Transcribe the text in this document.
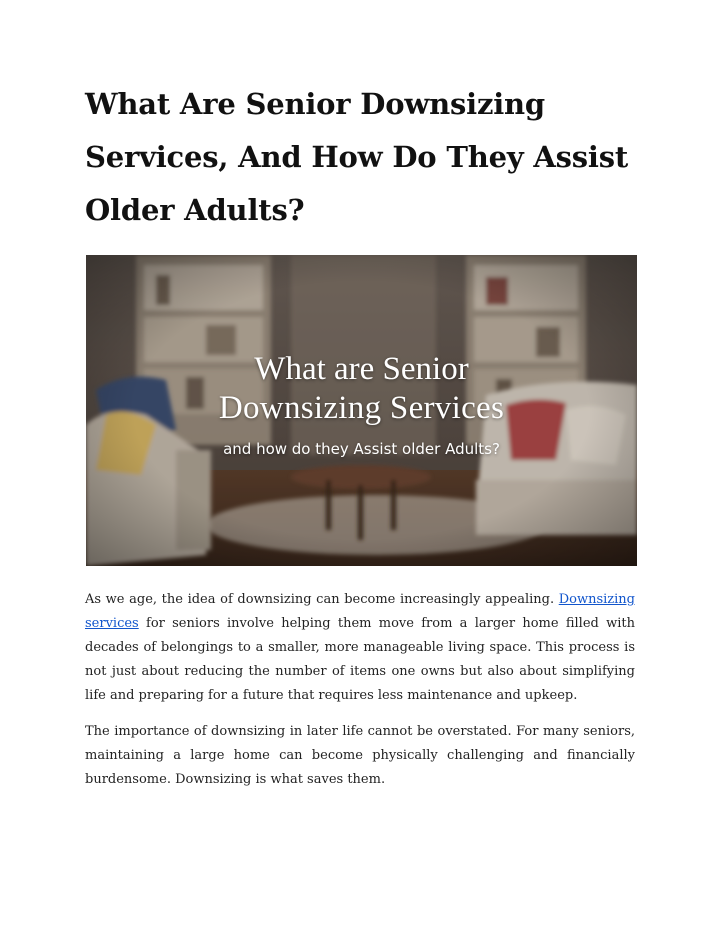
What Are Senior Downsizing
Services, And How Do They Assist
Older Adults?
What are Senior
Downsizing Services
and how do they Assist older Adults?

As we age, the idea of downsizing can become increasingly appealing. Downsizing services for seniors involve helping them move from a larger home filled with decades of belongings to a smaller, more manageable living space. This process is not just about reducing the number of items one owns but also about simplifying life and preparing for a future that requires less maintenance and upkeep.

The importance of downsizing in later life cannot be overstated. For many seniors, maintaining a large home can become physically challenging and financially burdensome. Downsizing is what saves them.
